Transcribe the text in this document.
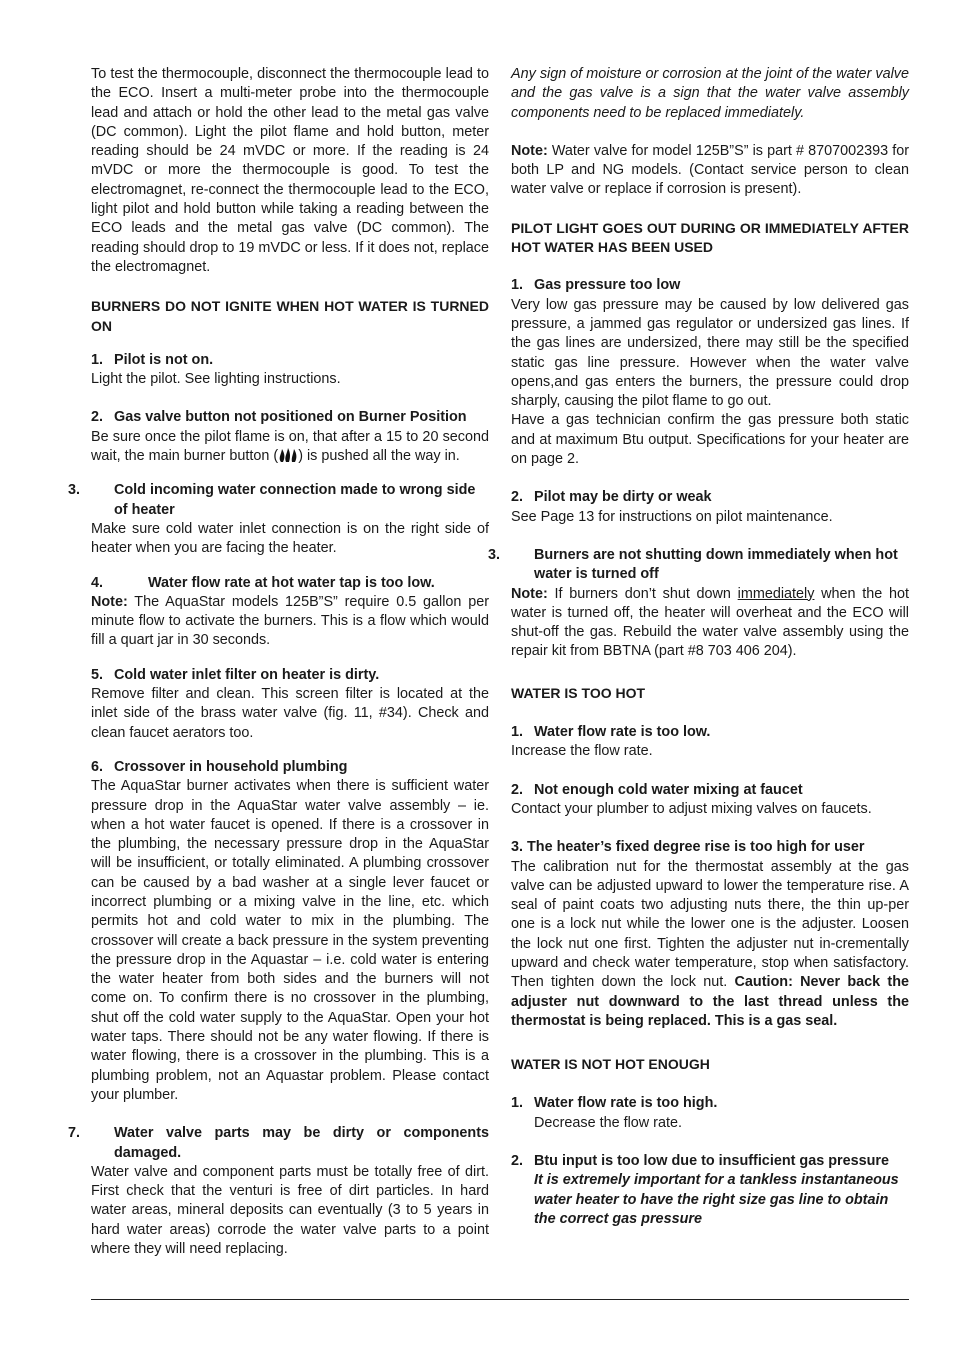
To test the thermocouple, disconnect the thermocouple lead to the ECO. Insert a multi-meter probe into the thermocouple lead and attach or hold the other lead to the metal gas valve (DC common). Light the pilot flame and hold button, meter reading should be 24 mVDC or more. If the reading is 24 mVDC or more the thermocouple is good. To test the electromagnet, re-connect the thermocouple lead to the ECO, light pilot and hold button while taking a reading between the ECO leads and the metal gas valve (DC common). The reading should drop to 19 mVDC or less. If it does not, replace the electromagnet.

BURNERS DO NOT IGNITE WHEN HOT WATER IS TURNED ON

1. Pilot is not on.

Light the pilot. See lighting instructions.

2. Gas valve button not positioned on Burner Position

Be sure once the pilot flame is on, that after a 15 to 20 second wait, the main burner button ( ) is pushed all the way in.

3. Cold incoming water connection made to wrong side of heater

Make sure cold water inlet connection is on the right side of heater when you are facing the heater.

4.	Water flow rate at hot water tap is too low.

Note: The AquaStar models 125B”S” require 0.5 gallon per minute flow to activate the burners. This is a flow which would fill a quart jar in 30 seconds.

5. Cold water inlet filter on heater is dirty.

Remove filter and clean. This screen filter is located at the inlet side of the brass water valve (fig. 11, #34). Check and clean faucet aerators too.

6. Crossover in household plumbing

The AquaStar burner activates when there is sufficient water pressure drop in the AquaStar water valve assembly – ie. when a hot water faucet is opened. If there is a crossover in the plumbing, the necessary pressure drop in the AquaStar will be insufficient, or totally eliminated. A plumbing crossover can be caused by a bad washer at a single lever faucet or incorrect plumbing or a mixing valve in the line, etc. which permits hot and cold water to mix in the plumbing. The crossover will create a back pressure in the system preventing the pressure drop in the Aquastar – i.e. cold water is entering the water heater from both sides and the burners will not come on. To confirm there is no crossover in the plumbing, shut off the cold water supply to the AquaStar. Open your hot water taps. There should not be any water flowing. If there is water flowing, there is a crossover in the plumbing. This is a plumbing problem, not an Aquastar problem. Please contact your plumber.

7. Water valve parts may be dirty or components damaged.

Water valve and component parts must be totally free of dirt. First check that the venturi is free of dirt particles. In hard water areas, mineral deposits can eventually (3 to 5 years in hard water areas) corrode the water valve parts to a point where they will need replacing.

Any sign of moisture or corrosion at the joint of the water valve and the gas valve is a sign that the water valve assembly components need to be replaced immediately.

Note: Water valve for model 125B”S” is part # 8707002393 for both LP and NG models. (Contact service person to clean water valve or replace if corrosion is present).

PILOT LIGHT GOES OUT DURING OR IMMEDIATELY AFTER HOT WATER HAS BEEN USED

1. Gas pressure too low

Very low gas pressure may be caused by low delivered gas pressure, a jammed gas regulator or undersized gas lines. If the gas lines are undersized, there may still be the specified static gas line pressure. However when the water valve opens,and gas enters the burners, the pressure could drop sharply, causing the pilot flame to go out.

Have a gas technician confirm the gas pressure both static and at maximum Btu output. Specifications for your heater are on page 2.

2. Pilot may be dirty or weak

See Page 13 for instructions on pilot maintenance.

3. Burners are not shutting down immediately when hot water is turned off

Note: If burners don’t shut down immediately when the hot water is turned off, the heater will overheat and the ECO will shut-off the gas. Rebuild the water valve assembly using the repair kit from BBTNA (part #8 703 406 204).

WATER IS TOO HOT

1. Water flow rate is too low.

Increase the flow rate.

2. Not enough cold water mixing at faucet

Contact your plumber to adjust mixing valves on faucets.

3. The heater’s fixed degree rise is too high for user

The calibration nut for the thermostat assembly at the gas valve can be adjusted upward to lower the temperature rise. A seal of paint coats two adjusting nuts there, the thin up-per one is a lock nut while the lower one is the adjuster. Loosen the lock nut one first. Tighten the adjuster nut in-crementally upward and check water temperature, stop when satisfactory. Then tighten down the lock nut. Caution: Never back the adjuster nut downward to the last thread unless the thermostat is being replaced. This is a gas seal.

WATER IS NOT HOT ENOUGH

1. Water flow rate is too high.

Decrease the flow rate.

2. Btu input is too low due to insufficient gas pressure

It is extremely important for a tankless instantaneous water heater to have the right size gas line to obtain the correct gas pressure
